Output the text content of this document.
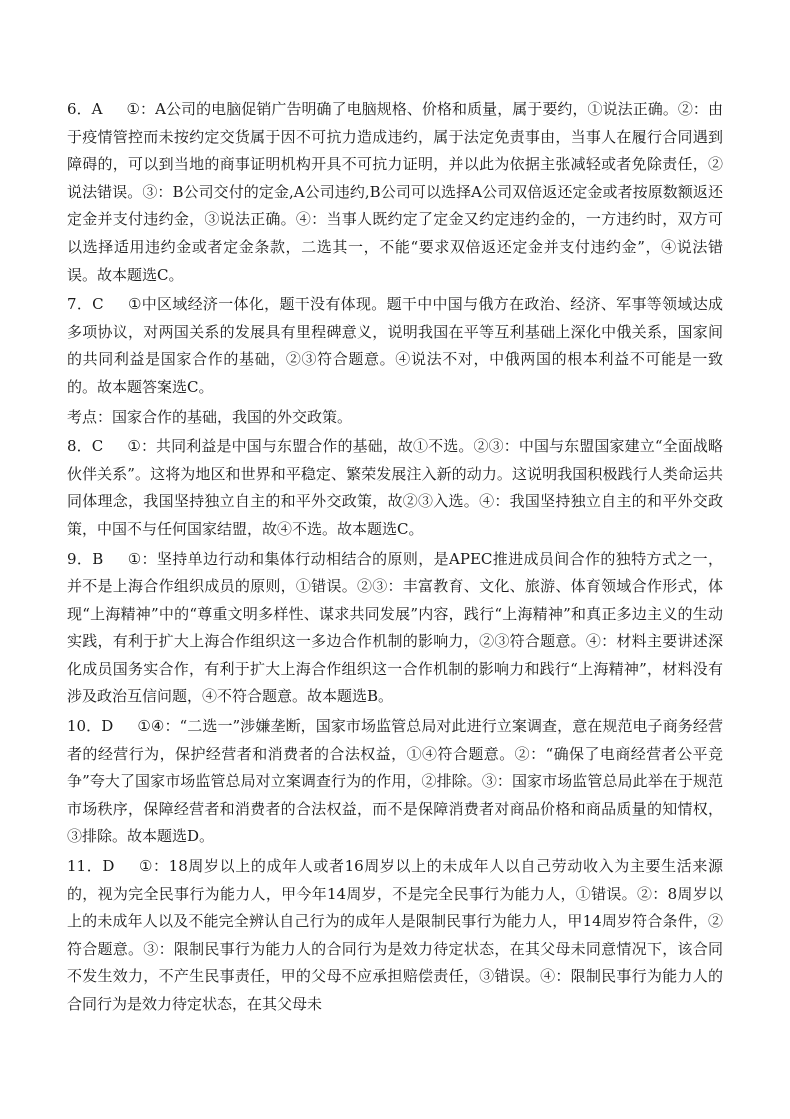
6．A ①：A公司的电脑促销广告明确了电脑规格、价格和质量，属于要约，①说法正确。②：由于疫情管控而未按约定交货属于因不可抗力造成违约，属于法定免责事由，当事人在履行合同遇到障碍的，可以到当地的商事证明机构开具不可抗力证明，并以此为依据主张减轻或者免除责任，②说法错误。③：B公司交付的定金,A公司违约,B公司可以选择A公司双倍返还定金或者按原数额返还定金并支付违约金，③说法正确。④：当事人既约定了定金又约定违约金的，一方违约时，双方可以选择适用违约金或者定金条款，二选其一，不能“要求双倍返还定金并支付违约金”，④说法错误。故本题选C。

7．C ①中区域经济一体化，题干没有体现。题干中中国与俄方在政治、经济、军事等领域达成多项协议，对两国关系的发展具有里程碑意义，说明我国在平等互利基础上深化中俄关系，国家间的共同利益是国家合作的基础，②③符合题意。④说法不对，中俄两国的根本利益不可能是一致的。故本题答案选C。

考点：国家合作的基础，我国的外交政策。

8．C ①：共同利益是中国与东盟合作的基础，故①不选。②③：中国与东盟国家建立“全面战略伙伴关系”。这将为地区和世界和平稳定、繁荣发展注入新的动力。这说明我国积极践行人类命运共同体理念，我国坚持独立自主的和平外交政策，故②③入选。④：我国坚持独立自主的和平外交政策，中国不与任何国家结盟，故④不选。故本题选C。

9．B ①：坚持单边行动和集体行动相结合的原则，是APEC推进成员间合作的独特方式之一，并不是上海合作组织成员的原则，①错误。②③：丰富教育、文化、旅游、体育领域合作形式，体现“上海精神”中的“尊重文明多样性、谋求共同发展”内容，践行“上海精神”和真正多边主义的生动实践，有利于扩大上海合作组织这一多边合作机制的影响力，②③符合题意。④：材料主要讲述深化成员国务实合作，有利于扩大上海合作组织这一合作机制的影响力和践行“上海精神”，材料没有涉及政治互信问题，④不符合题意。故本题选B。

10．D ①④：“二选一”涉嫌垄断，国家市场监管总局对此进行立案调查，意在规范电子商务经营者的经营行为，保护经营者和消费者的合法权益，①④符合题意。②：“确保了电商经营者公平竞争”夸大了国家市场监管总局对立案调查行为的作用，②排除。③：国家市场监管总局此举在于规范市场秩序，保障经营者和消费者的合法权益，而不是保障消费者对商品价格和商品质量的知情权，③排除。故本题选D。

11．D ①：18周岁以上的成年人或者16周岁以上的未成年人以自己劳动收入为主要生活来源的，视为完全民事行为能力人，甲今年14周岁，不是完全民事行为能力人，①错误。②：8周岁以上的未成年人以及不能完全辨认自己行为的成年人是限制民事行为能力人，甲14周岁符合条件，②符合题意。③：限制民事行为能力人的合同行为是效力待定状态，在其父母未同意情况下，该合同不发生效力，不产生民事责任，甲的父母不应承担赔偿责任，③错误。④：限制民事行为能力人的合同行为是效力待定状态，在其父母未
